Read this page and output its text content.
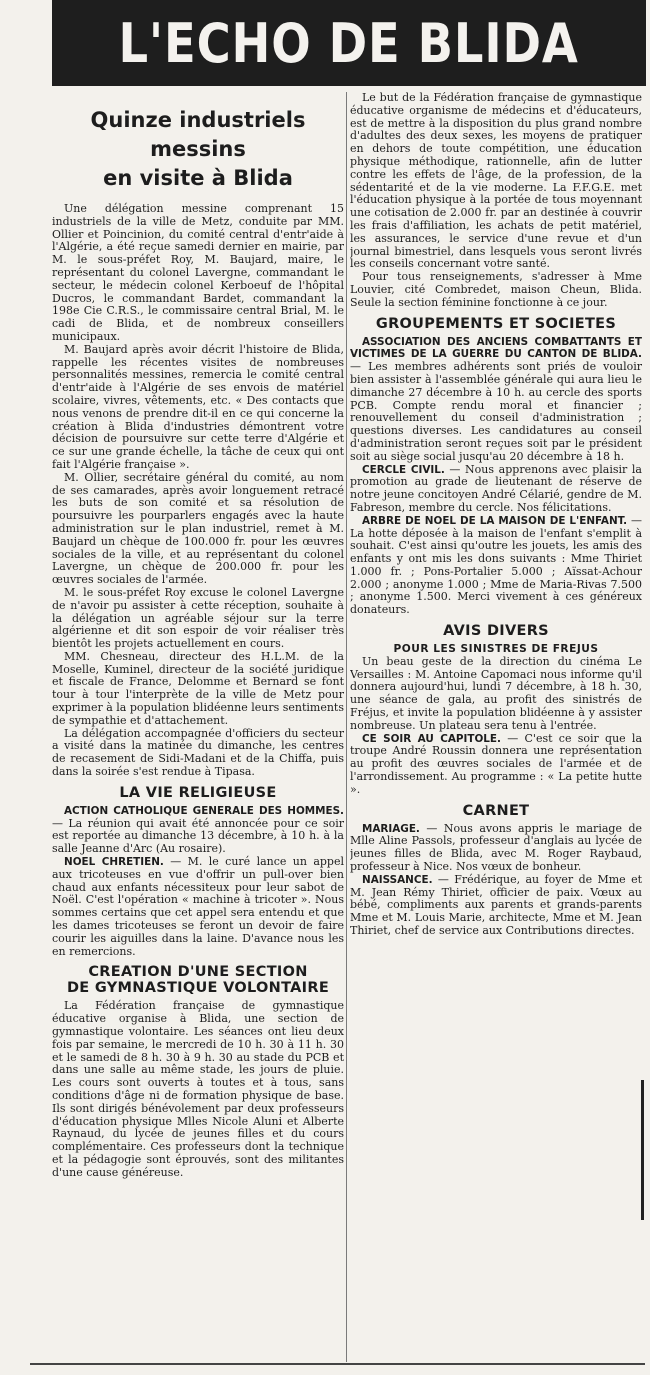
L'ECHO DE BLIDA
Quinze industriels
messins
en visite à Blida

Une délégation messine comprenant 15 industriels de la ville de Metz, conduite par MM. Ollier et Poincinion, du comité central d'entr'aide à l'Algérie, a été reçue samedi dernier en mairie, par M. le sous-préfet Roy, M. Baujard, maire, le représentant du colonel Lavergne, commandant le secteur, le médecin colonel Kerboeuf de l'hôpital Ducros, le commandant Bardet, commandant la 198e Cie C.R.S., le commissaire central Brial, M. le cadi de Blida, et de nombreux conseillers municipaux.

M. Baujard après avoir décrit l'histoire de Blida, rappelle les récentes visites de nombreuses personnalités messines, remercia le comité central d'entr'aide à l'Algérie de ses envois de matériel scolaire, vivres, vêtements, etc. « Des contacts que nous venons de prendre dit-il en ce qui concerne la création à Blida d'industries démontrent votre décision de poursuivre sur cette terre d'Algérie et ce sur une grande échelle, la tâche de ceux qui ont fait l'Algérie française ».

M. Ollier, secrétaire général du comité, au nom de ses camarades, après avoir longuement retracé les buts de son comité et sa résolution de poursuivre les pourparlers engagés avec la haute administration sur le plan industriel, remet à M. Baujard un chèque de 100.000 fr. pour les œuvres sociales de la ville, et au représentant du colonel Lavergne, un chèque de 200.000 fr. pour les œuvres sociales de l'armée.

M. le sous-préfet Roy excuse le colonel Lavergne de n'avoir pu assister à cette réception, souhaite à la délégation un agréable séjour sur la terre algérienne et dit son espoir de voir réaliser très bientôt les projets actuellement en cours.

MM. Chesneau, directeur des H.L.M. de la Moselle, Kuminel, directeur de la société juridique et fiscale de France, Delomme et Bernard se font tour à tour l'interprète de la ville de Metz pour exprimer à la population blidéenne leurs sentiments de sympathie et d'attachement.

La délégation accompagnée d'officiers du secteur a visité dans la matinée du dimanche, les centres de recasement de Sidi-Madani et de la Chiffa, puis dans la soirée s'est rendue à Tipasa.

LA VIE RELIGIEUSE

ACTION CATHOLIQUE GENERALE DES HOMMES. — La réunion qui avait été annoncée pour ce soir est reportée au dimanche 13 décembre, à 10 h. à la salle Jeanne d'Arc (Au rosaire).

NOEL CHRETIEN. — M. le curé lance un appel aux tricoteuses en vue d'offrir un pull-over bien chaud aux enfants nécessiteux pour leur sabot de Noël. C'est l'opération « machine à tricoter ». Nous sommes certains que cet appel sera entendu et que les dames tricoteuses se feront un devoir de faire courir les aiguilles dans la laine. D'avance nous les en remercions.

CREATION D'UNE SECTION
DE GYMNASTIQUE VOLONTAIRE

La Fédération française de gymnastique éducative organise à Blida, une section de gymnastique volontaire. Les séances ont lieu deux fois par semaine, le mercredi de 10 h. 30 à 11 h. 30 et le samedi de 8 h. 30 à 9 h. 30 au stade du PCB et dans une salle au même stade, les jours de pluie. Les cours sont ouverts à toutes et à tous, sans conditions d'âge ni de formation physique de base. Ils sont dirigés bénévolement par deux professeurs d'éducation physique Mlles Nicole Aluni et Alberte Raynaud, du lycée de jeunes filles et du cours complémentaire. Ces professeurs dont la technique et la pédagogie sont éprouvés, sont des militantes d'une cause généreuse.

Le but de la Fédération française de gymnastique éducative organisme de médecins et d'éducateurs, est de mettre à la disposition du plus grand nombre d'adultes des deux sexes, les moyens de pratiquer en dehors de toute compétition, une éducation physique méthodique, rationnelle, afin de lutter contre les effets de l'âge, de la profession, de la sédentarité et de la vie moderne. La F.F.G.E. met l'éducation physique à la portée de tous moyennant une cotisation de 2.000 fr. par an destinée à couvrir les frais d'affiliation, les achats de petit matériel, les assurances, le service d'une revue et d'un journal bimestriel, dans lesquels vous seront livrés les conseils concernant votre santé.

Pour tous renseignements, s'adresser à Mme Louvier, cité Combredet, maison Cheun, Blida. Seule la section féminine fonctionne à ce jour.

GROUPEMENTS ET SOCIETES

ASSOCIATION DES ANCIENS COMBATTANTS ET VICTIMES DE LA GUERRE DU CANTON DE BLIDA. — Les membres adhérents sont priés de vouloir bien assister à l'assemblée générale qui aura lieu le dimanche 27 décembre à 10 h. au cercle des sports PCB. Compte rendu moral et financier ; renouvellement du conseil d'administration ; questions diverses. Les candidatures au conseil d'administration seront reçues soit par le président soit au siège social jusqu'au 20 décembre à 18 h.

CERCLE CIVIL. — Nous apprenons avec plaisir la promotion au grade de lieutenant de réserve de notre jeune concitoyen André Célarié, gendre de M. Fabreson, membre du cercle. Nos félicitations.

ARBRE DE NOEL DE LA MAISON DE L'ENFANT. — La hotte déposée à la maison de l'enfant s'emplit à souhait. C'est ainsi qu'outre les jouets, les amis des enfants y ont mis les dons suivants : Mme Thiriet 1.000 fr. ; Pons-Portalier 5.000 ; Aïssat-Achour 2.000 ; anonyme 1.000 ; Mme de Maria-Rivas 7.500 ; anonyme 1.500. Merci vivement à ces généreux donateurs.

AVIS DIVERS

POUR LES SINISTRES DE FREJUS

Un beau geste de la direction du cinéma Le Versailles : M. Antoine Capomaci nous informe qu'il donnera aujourd'hui, lundi 7 décembre, à 18 h. 30, une séance de gala, au profit des sinistrés de Fréjus, et invite la population blidéenne à y assister nombreuse. Un plateau sera tenu à l'entrée.

CE SOIR AU CAPITOLE. — C'est ce soir que la troupe André Roussin donnera une représentation au profit des œuvres sociales de l'armée et de l'arrondissement. Au programme : « La petite hutte ».

CARNET

MARIAGE. — Nous avons appris le mariage de Mlle Aline Passols, professeur d'anglais au lycée de jeunes filles de Blida, avec M. Roger Raybaud, professeur à Nice. Nos vœux de bonheur.

NAISSANCE. — Frédérique, au foyer de Mme et M. Jean Rémy Thiriet, officier de paix. Vœux au bébé, compliments aux parents et grands-parents Mme et M. Louis Marie, architecte, Mme et M. Jean Thiriet, chef de service aux Contributions directes.
